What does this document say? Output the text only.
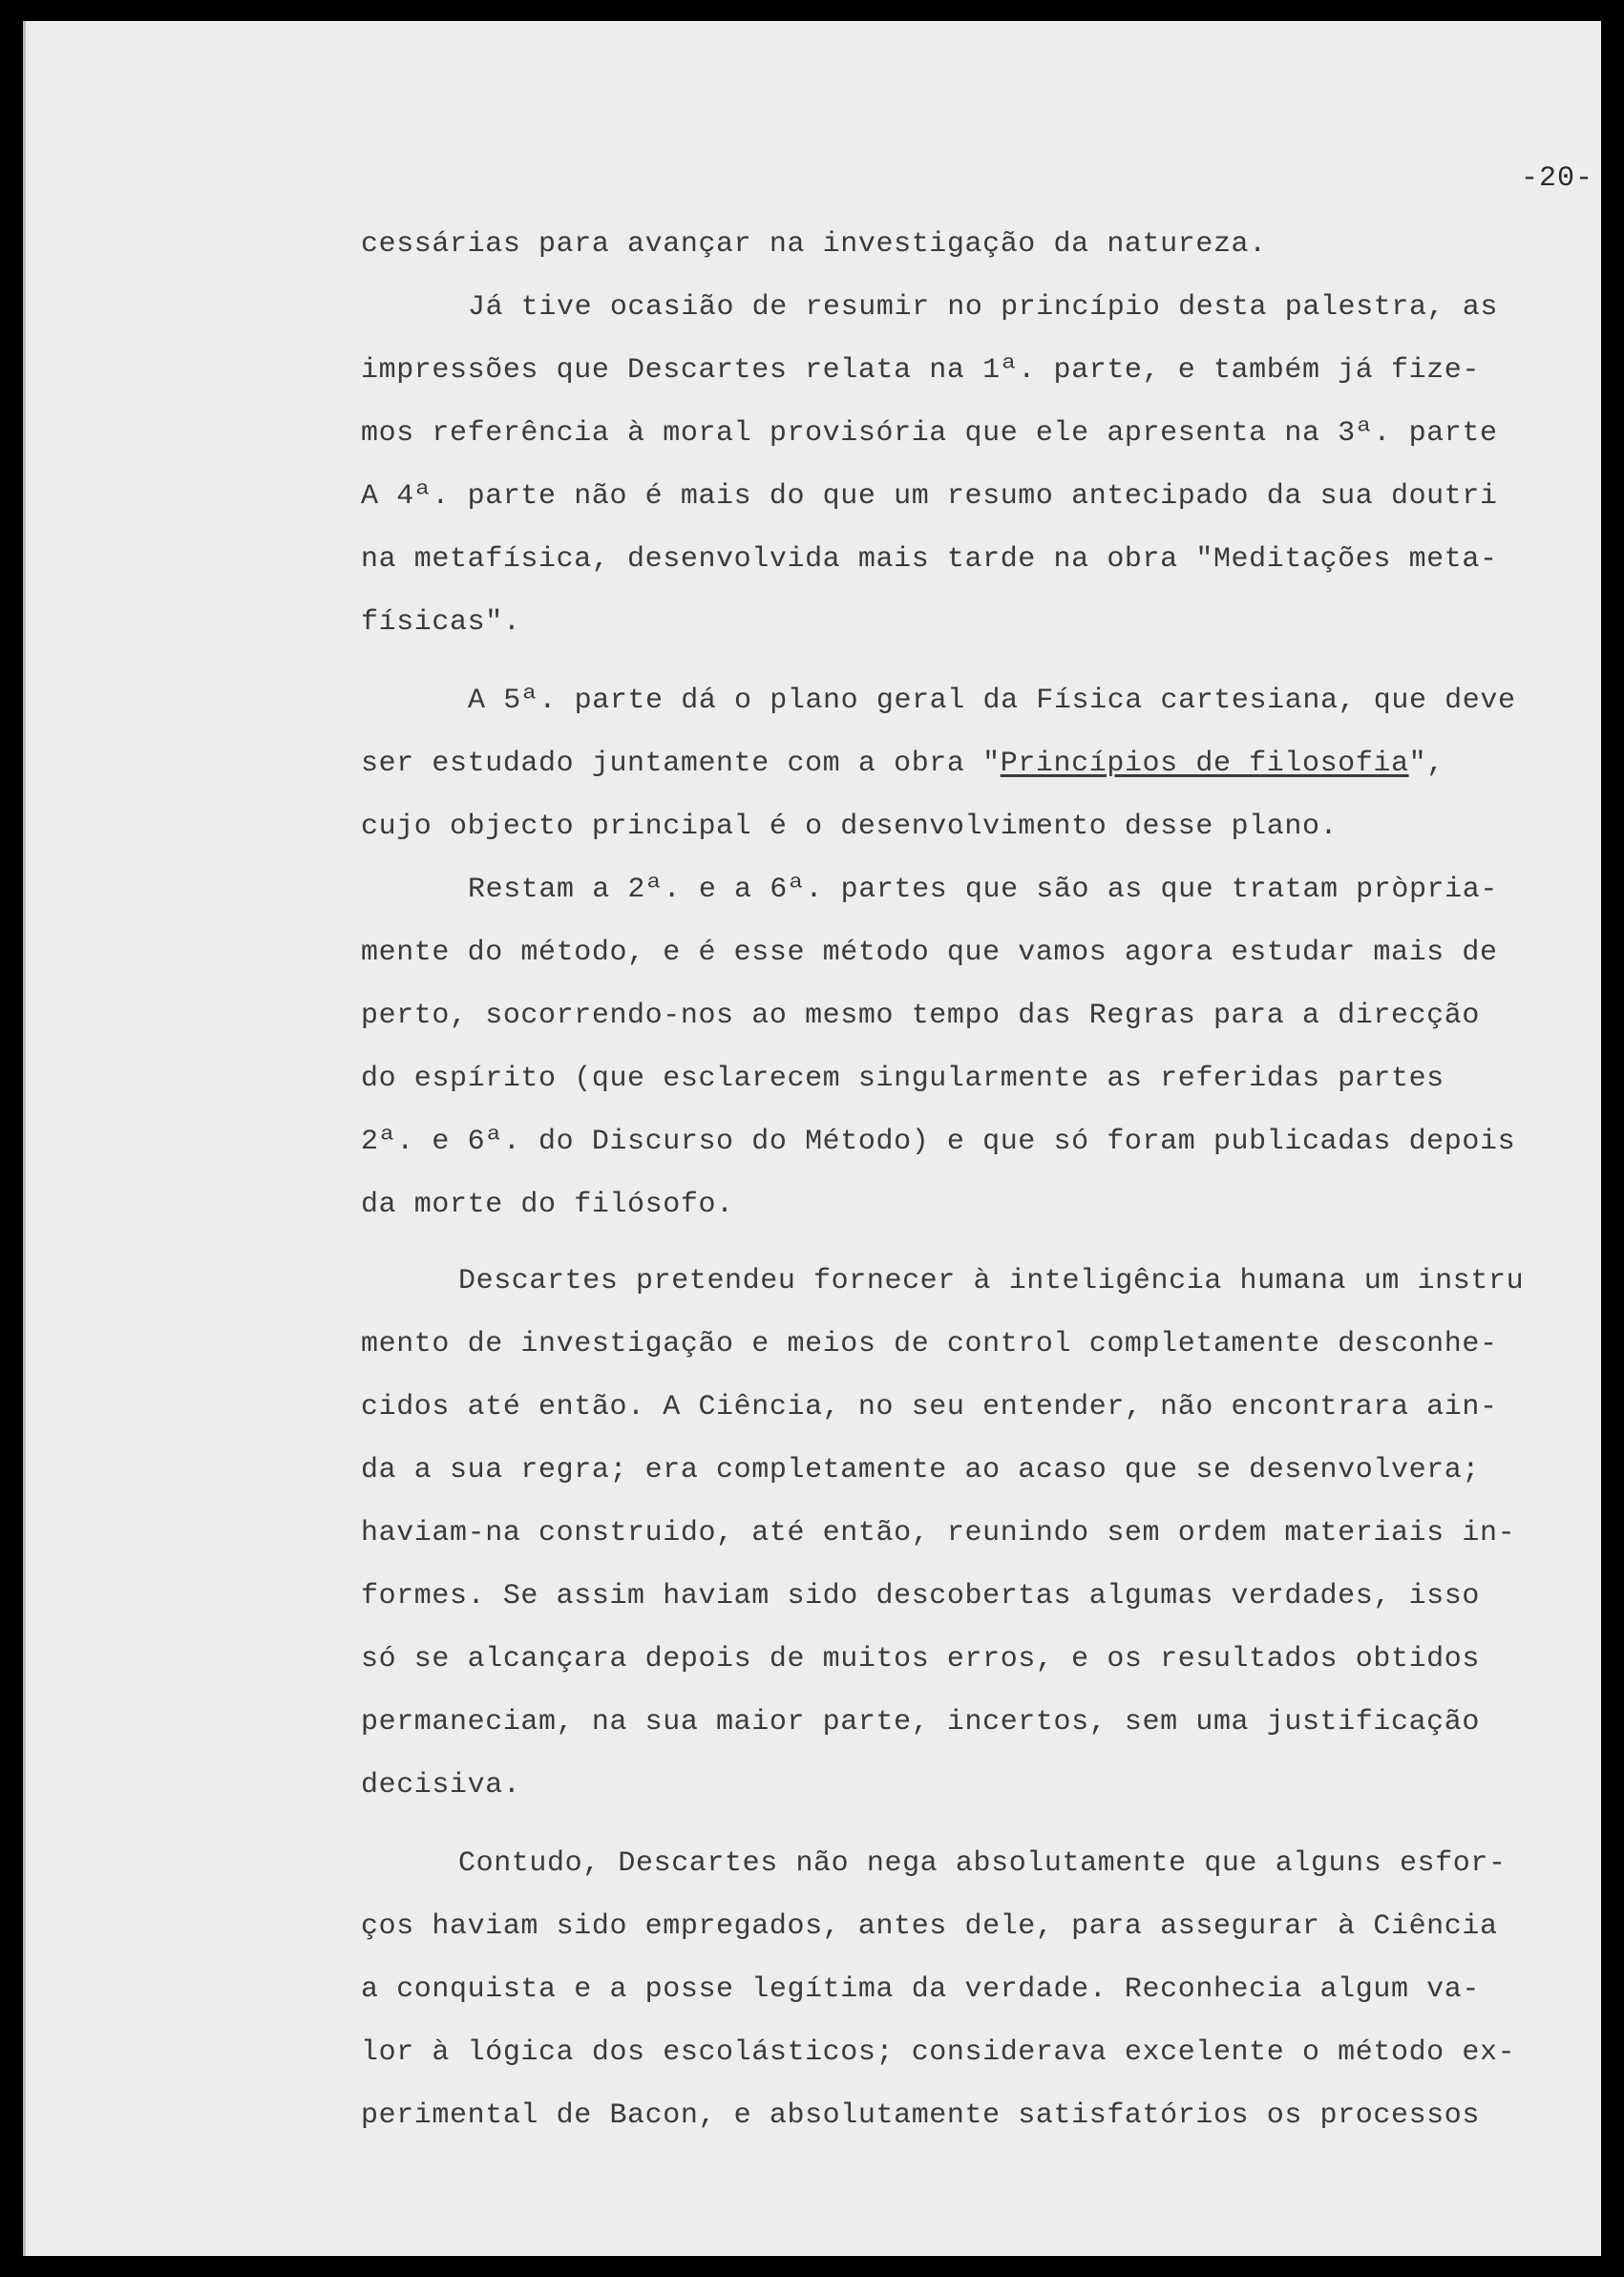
-20-
cessárias para avançar na investigação da natureza.
Já tive ocasião de resumir no princípio desta palestra, as
impressões que Descartes relata na 1ª. parte, e também já fize-
mos referência à moral provisória que ele apresenta na 3ª. parte
A 4ª. parte não é mais do que um resumo antecipado da sua doutri
na metafísica, desenvolvida mais tarde na obra "Meditações meta-
físicas".
A 5ª. parte dá o plano geral da Física cartesiana, que deve
ser estudado juntamente com a obra "Princípios de filosofia",
cujo objecto principal é o desenvolvimento desse plano.
Restam a 2ª. e a 6ª. partes que são as que tratam pròpria-
mente do método, e é esse método que vamos agora estudar mais de
perto, socorrendo-nos ao mesmo tempo das Regras para a direcção
do espírito (que esclarecem singularmente as referidas partes
2ª. e 6ª. do Discurso do Método) e que só foram publicadas depois
da morte do filósofo.
Descartes pretendeu fornecer à inteligência humana um instru
mento de investigação e meios de control completamente desconhe-
cidos até então. A Ciência, no seu entender, não encontrara ain-
da a sua regra; era completamente ao acaso que se desenvolvera;
haviam-na construido, até então, reunindo sem ordem materiais in-
formes. Se assim haviam sido descobertas algumas verdades, isso
só se alcançara depois de muitos erros, e os resultados obtidos
permaneciam, na sua maior parte, incertos, sem uma justificação
decisiva.
Contudo, Descartes não nega absolutamente que alguns esfor-
ços haviam sido empregados, antes dele, para assegurar à Ciência
a conquista e a posse legítima da verdade. Reconhecia algum va-
lor à lógica dos escolásticos; considerava excelente o método ex-
perimental de Bacon, e absolutamente satisfatórios os processos
